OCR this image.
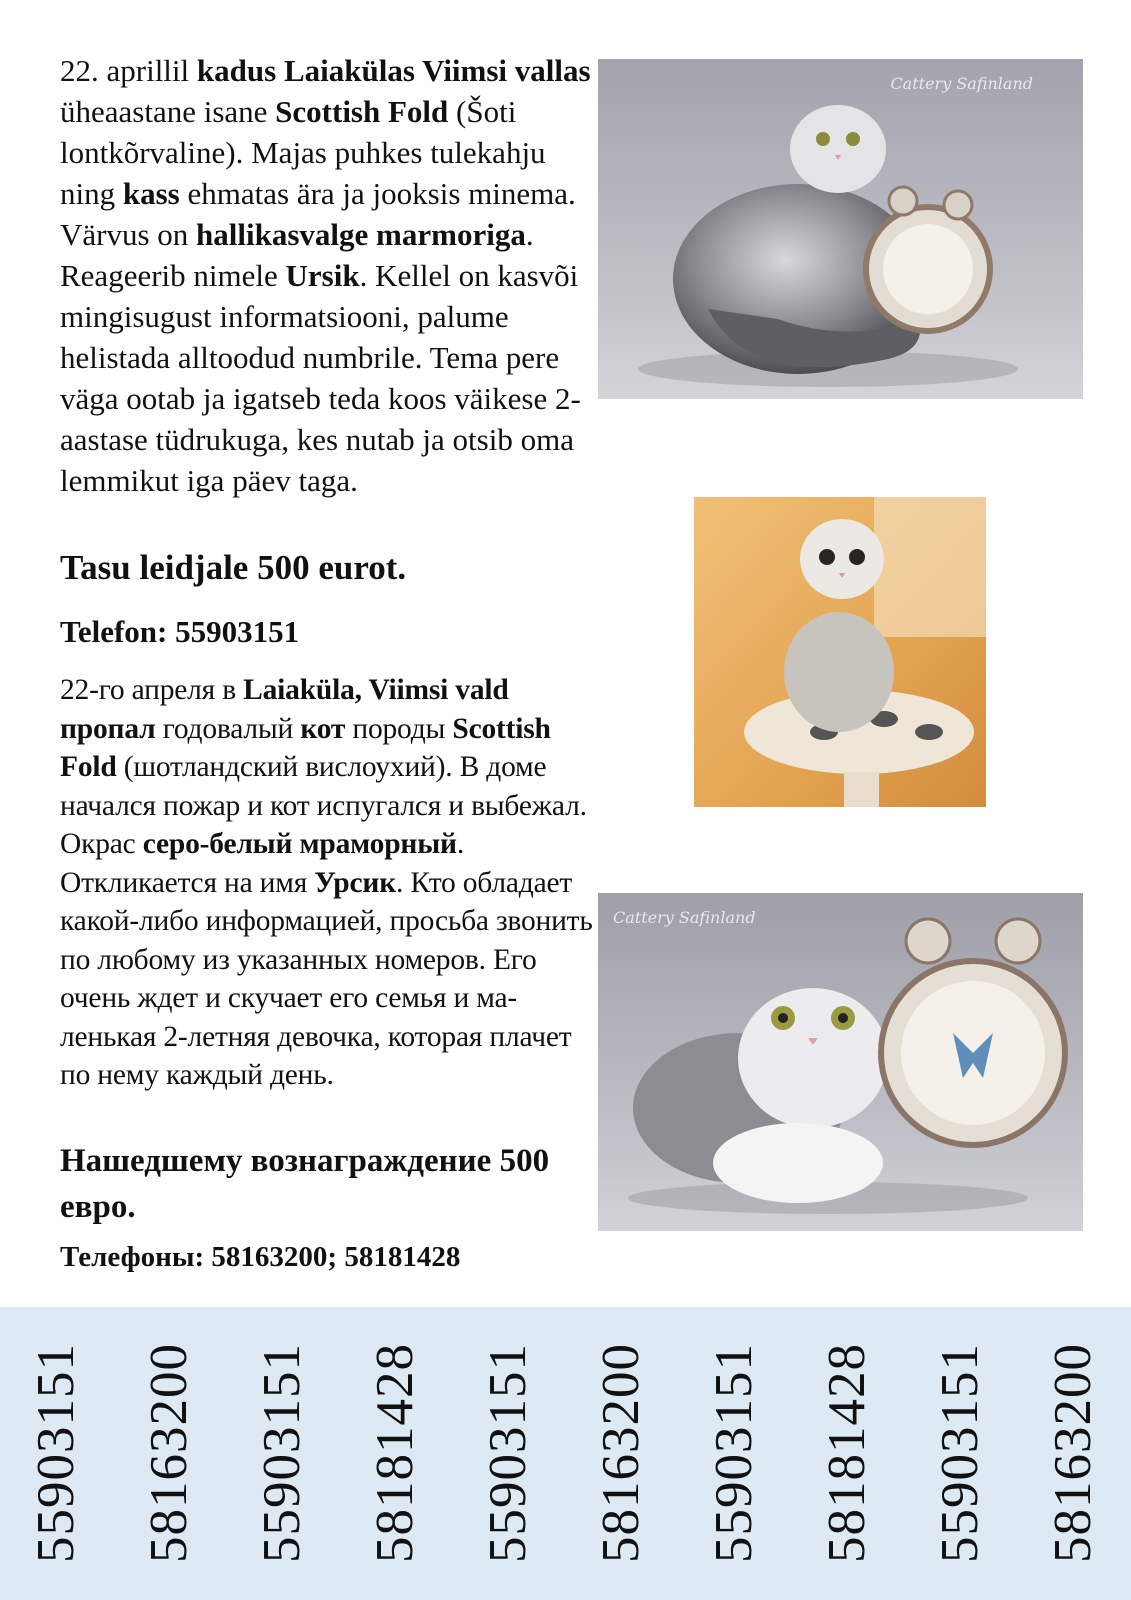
22. aprillil kadus Laiakülas Viimsi vallas üheaastane isane Scottish Fold (Šoti lontkõrvaline). Majas puhkes tulekahju ning kass ehmatas ära ja jooksis minema. Värvus on hallikasvalge marmoriga. Reageerib nimele Ursik. Kellel on kasvõi mingisugust informatsiooni, palume helistada alltoodud numbrile. Tema pere väga ootab ja igatseb teda koos väikese 2-aastase tüdrukuga, kes nutab ja otsib oma lemmikut iga päev taga.

Tasu leidjale 500 eurot.

Telefon: 55903151

22-го апреля в Laiaküla, Viimsi vald пропал годовалый кот породы Scottish Fold (шотландский вислоухий). В доме начался пожар и кот испугался и выбежал. Окрас серо-белый мраморный. Откликается на имя Урсик. Кто обладает какой-либо информацией, просьба звонить по любому из указанных номеров. Его очень ждет и скучает его семья и маленькая 2-летняя девочка, которая плачет по нему каждый день.

Нашедшему вознаграждение 500 евро.

Телефоны: 58163200; 58181428

Cattery Safinland
Cattery Safinland
55903151 58163200 55903151 58181428 55903151 58163200 55903151 58181428 55903151 58163200
